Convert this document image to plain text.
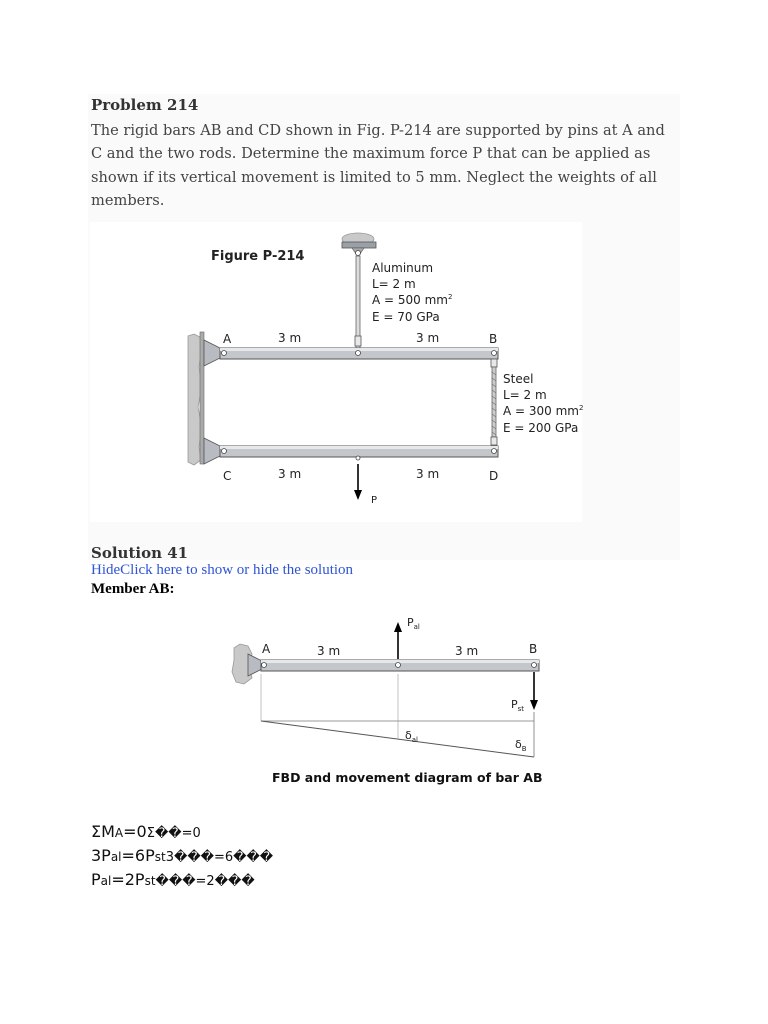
Problem 214

The rigid bars AB and CD shown in Fig. P-214 are supported by pins at A and C and the two rods. Determine the maximum force P that can be applied as shown if its vertical movement is limited to 5 mm. Neglect the weights of all members.

Figure P-214
A	3 m	3 m	B
C	3 m	3 m	D
P
Aluminum
L= 2 m
A = 500 $mm^2$
E = 70 GPa
Steel
L= 2 m
A = 300 $mm^2$
E = 200 GPa
Solution 41
HideClick here to show or hide the solution

Member AB:

A	3 m	3 m	B
$P_{al}$
$P_{st}$
$\delta_{al}$	$\delta_B$
FBD and movement diagram of bar AB
ΣMA=0Σ��=0
3Pal=6Pst3���=6���
Pal=2Pst���=2���
